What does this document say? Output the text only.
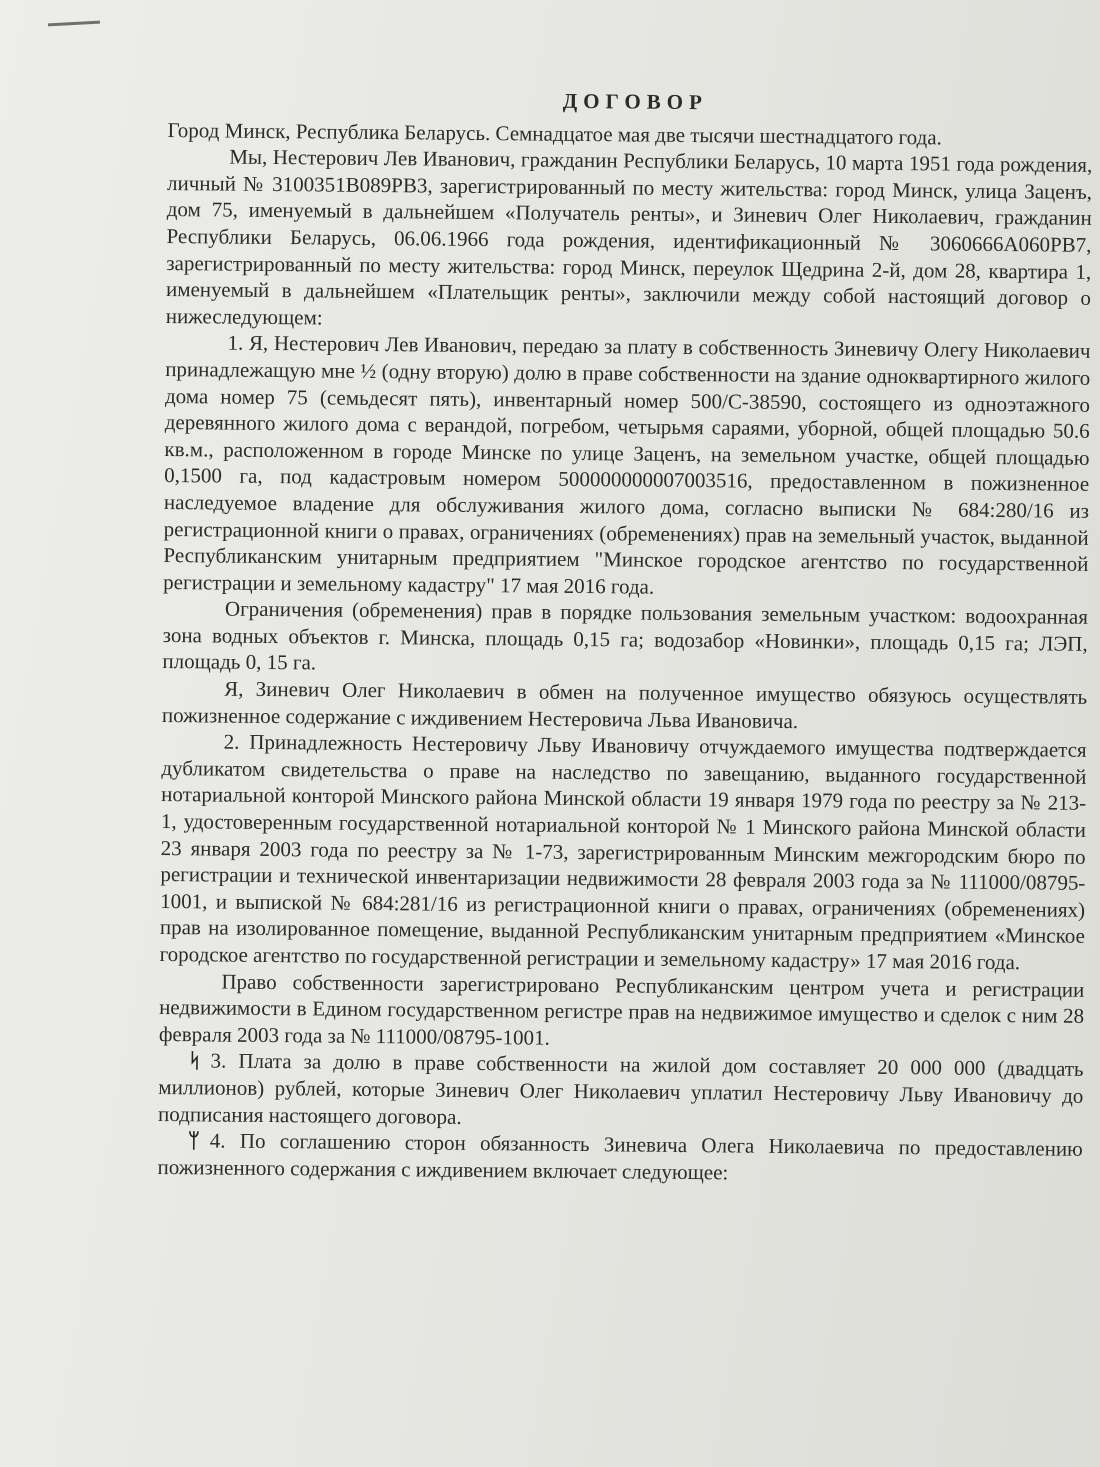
ДОГОВОР

Город Минск, Республика Беларусь. Семнадцатое мая две тысячи шестнадцатого года.

Мы, Нестерович Лев Иванович, гражданин Республики Беларусь, 10 марта 1951 года рождения, личный № 3100351В089РВ3, зарегистрированный по месту жительства: город Минск, улица Заценъ, дом 75, именуемый в дальнейшем «Получатель ренты», и Зиневич Олег Николаевич, гражданин Республики Беларусь, 06.06.1966 года рождения, идентификационный № 3060666А060РВ7, зарегистрированный по месту жительства: город Минск, переулок Щедрина 2-й, дом 28, квартира 1, именуемый в дальнейшем «Плательщик ренты», заключили между собой настоящий договор о нижеследующем:

1. Я, Нестерович Лев Иванович, передаю за плату в собственность Зиневичу Олегу Николаевич принадлежащую мне ½ (одну вторую) долю в праве собственности на здание одноквартирного жилого дома номер 75 (семьдесят пять), инвентарный номер 500/С-38590, состоящего из одноэтажного деревянного жилого дома с верандой, погребом, четырьмя сараями, уборной, общей площадью 50.6 кв.м., расположенном в городе Минске по улице Заценъ, на земельном участке, общей площадью 0,1500 га, под кадастровым номером 500000000007003516, предоставленном в пожизненное наследуемое владение для обслуживания жилого дома, согласно выписки № 684:280/16 из регистрационной книги о правах, ограничениях (обременениях) прав на земельный участок, выданной Республиканским унитарным предприятием "Минское городское агентство по государственной регистрации и земельному кадастру" 17 мая 2016 года.

Ограничения (обременения) прав в порядке пользования земельным участком: водоохранная зона водных объектов г. Минска, площадь 0,15 га; водозабор «Новинки», площадь 0,15 га; ЛЭП, площадь 0, 15 га.

Я, Зиневич Олег Николаевич в обмен на полученное имущество обязуюсь осуществлять пожизненное содержание с иждивением Нестеровича Льва Ивановича.

2. Принадлежность Нестеровичу Льву Ивановичу отчуждаемого имущества подтверждается дубликатом свидетельства о праве на наследство по завещанию, выданного государственной нотариальной конторой Минского района Минской области 19 января 1979 года по реестру за № 213-1, удостоверенным государственной нотариальной конторой № 1 Минского района Минской области 23 января 2003 года по реестру за № 1-73, зарегистрированным Минским межгородским бюро по регистрации и технической инвентаризации недвижимости 28 февраля 2003 года за № 111000/08795-1001, и выпиской № 684:281/16 из регистрационной книги о правах, ограничениях (обременениях) прав на изолированное помещение, выданной Республиканским унитарным предприятием «Минское городское агентство по государственной регистрации и земельному кадастру» 17 мая 2016 года.

Право собственности зарегистрировано Республиканским центром учета и регистрации недвижимости в Едином государственном регистре прав на недвижимое имущество и сделок с ним 28 февраля 2003 года за № 111000/08795-1001.

ᛋ 3. Плата за долю в праве собственности на жилой дом составляет 20 000 000 (двадцать миллионов) рублей, которые Зиневич Олег Николаевич уплатил Нестеровичу Льву Ивановичу до подписания настоящего договора.

ᛘ 4. По соглашению сторон обязанность Зиневича Олега Николаевича по предоставлению пожизненного содержания с иждивением включает следующее:
